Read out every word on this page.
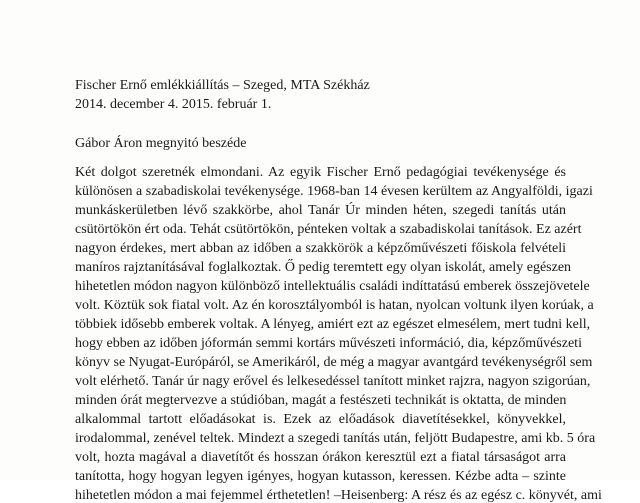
Fischer Ernő emlékkiállítás – Szeged, MTA Székház
2014. december 4. 2015. február 1.
Gábor Áron megnyitó beszéde
Két dolgot szeretnék elmondani. Az egyik Fischer Ernő pedagógiai tevékenysége és
különösen a szabadiskolai tevékenysége. 1968-ban 14 évesen kerültem az Angyalföldi, igazi
munkáskerületben lévő szakkörbe, ahol Tanár Úr minden héten, szegedi tanítás után
csütörtökön ért oda. Tehát csütörtökön, pénteken voltak a szabadiskolai tanítások. Ez azért
nagyon érdekes, mert abban az időben a szakkörök a képzőművészeti főiskola felvételi
maníros rajztanításával foglalkoztak. Ő pedig teremtett egy olyan iskolát, amely egészen
hihetetlen módon nagyon különböző intellektuális családi indíttatású emberek összejövetele
volt. Köztük sok fiatal volt. Az én korosztályomból is hatan, nyolcan voltunk ilyen korúak, a
többiek idősebb emberek voltak. A lényeg, amiért ezt az egészet elmesélem, mert tudni kell,
hogy ebben az időben jóformán semmi kortárs művészeti információ, dia, képzőművészeti
könyv se Nyugat-Európáról, se Amerikáról, de még a magyar avantgárd tevékenységről sem
volt elérhető. Tanár úr nagy erővel és lelkesedéssel tanított minket rajzra, nagyon szigorúan,
minden órát megtervezve a stúdióban, magát a festészeti technikát is oktatta, de minden
alkalommal tartott előadásokat is. Ezek az előadások diavetítésekkel, könyvekkel,
irodalommal, zenével teltek. Mindezt a szegedi tanítás után, feljött Budapestre, ami kb. 5 óra
volt, hozta magával a diavetítőt és hosszan órákon keresztül ezt a fiatal társaságot arra
tanította, hogy hogyan legyen igényes, hogyan kutasson, keressen. Kézbe adta – szinte
hihetetlen módon a mai fejemmel érthetetlen! –Heisenberg: A rész és az egész c. könyvét, ami
